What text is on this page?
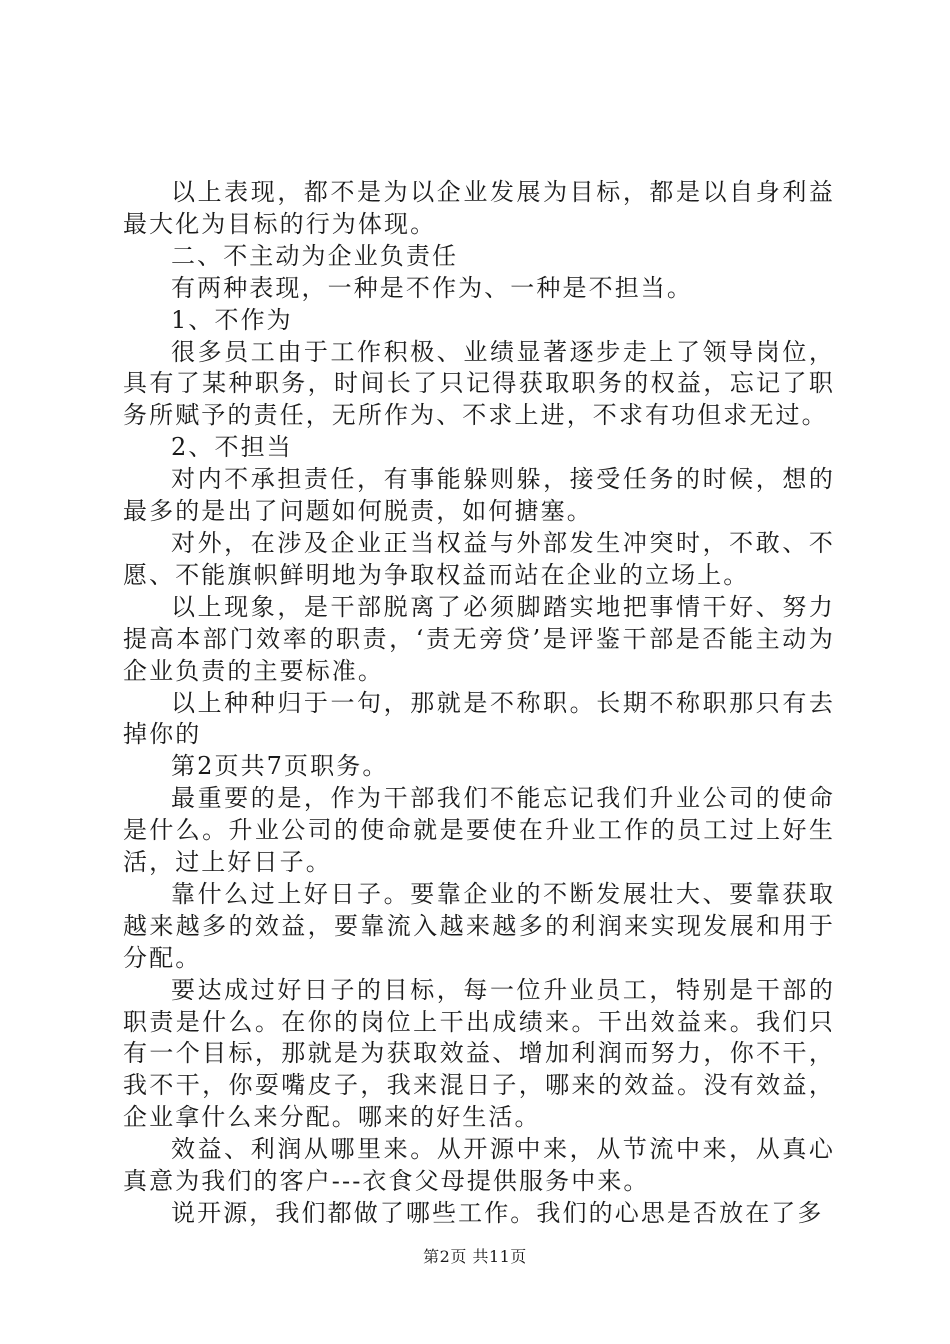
以上表现，都不是为以企业发展为目标，都是以自身利益最大化为目标的行为体现。

二、不主动为企业负责任

有两种表现，一种是不作为、一种是不担当。

1、不作为

很多员工由于工作积极、业绩显著逐步走上了领导岗位，具有了某种职务，时间长了只记得获取职务的权益，忘记了职务所赋予的责任，无所作为、不求上进，不求有功但求无过。

2、不担当

对内不承担责任，有事能躲则躲，接受任务的时候，想的最多的是出了问题如何脱责，如何搪塞。

对外，在涉及企业正当权益与外部发生冲突时，不敢、不愿、不能旗帜鲜明地为争取权益而站在企业的立场上。

以上现象，是干部脱离了必须脚踏实地把事情干好、努力提高本部门效率的职责，‘责无旁贷’是评鉴干部是否能主动为企业负责的主要标准。

以上种种归于一句，那就是不称职。长期不称职那只有去掉你的

第2页共7页职务。

最重要的是，作为干部我们不能忘记我们升业公司的使命是什么。升业公司的使命就是要使在升业工作的员工过上好生活，过上好日子。

靠什么过上好日子。要靠企业的不断发展壮大、要靠获取越来越多的效益，要靠流入越来越多的利润来实现发展和用于分配。

要达成过好日子的目标，每一位升业员工，特别是干部的职责是什么。在你的岗位上干出成绩来。干出效益来。我们只有一个目标，那就是为获取效益、增加利润而努力，你不干，我不干，你耍嘴皮子，我来混日子，哪来的效益。没有效益，企业拿什么来分配。哪来的好生活。

效益、利润从哪里来。从开源中来，从节流中来，从真心真意为我们的客户---衣食父母提供服务中来。

说开源，我们都做了哪些工作。我们的心思是否放在了多

第2页 共11页
